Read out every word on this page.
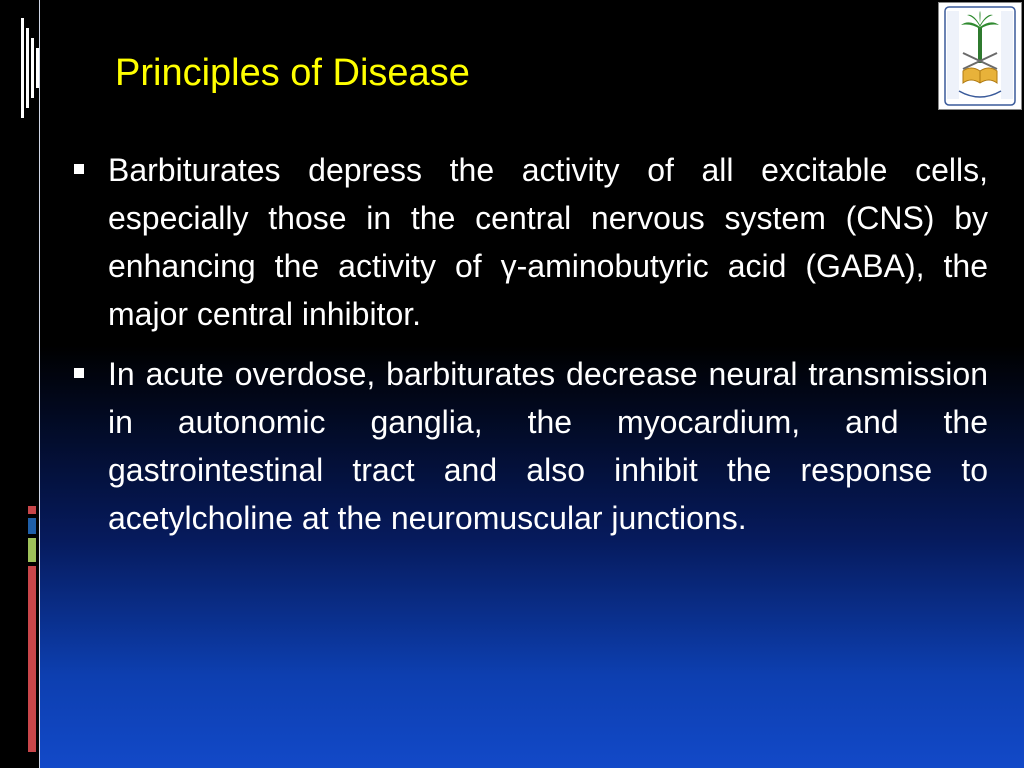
Principles of Disease
Barbiturates depress the activity of all excitable cells, especially those in the central nervous system (CNS) by enhancing the activity of γ-aminobutyric acid (GABA), the major central inhibitor.
In acute overdose, barbiturates decrease neural transmission in autonomic ganglia, the myocardium, and the gastrointestinal tract and also inhibit the response to acetylcholine at the neuromuscular junctions.
